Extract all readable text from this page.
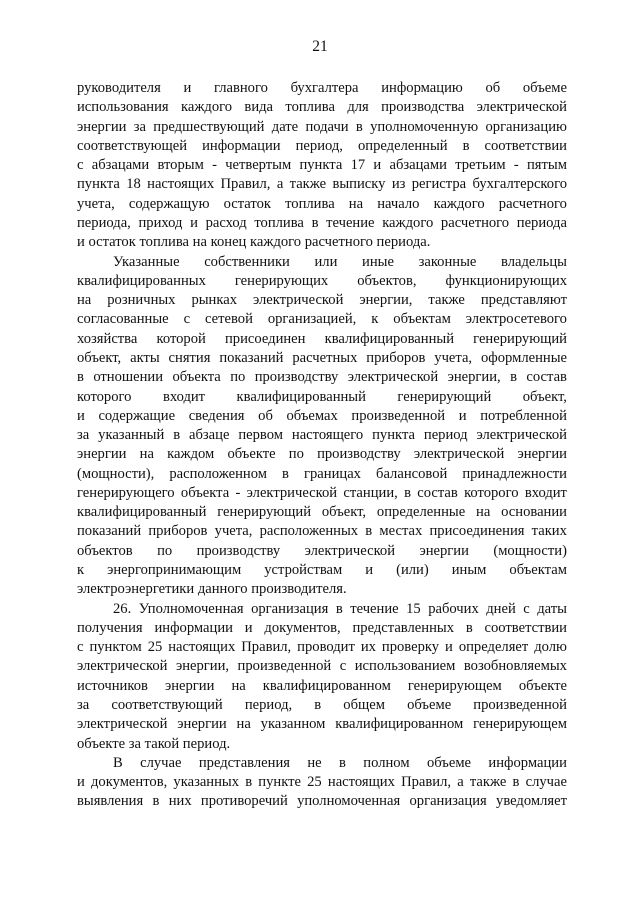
21
руководителя и главного бухгалтера информацию об объеме
использования каждого вида топлива для производства электрической
энергии за предшествующий дате подачи в уполномоченную организацию
соответствующей информации период, определенный в соответствии
с абзацами вторым - четвертым пункта 17 и абзацами третьим - пятым
пункта 18 настоящих Правил, а также выписку из регистра бухгалтерского
учета, содержащую остаток топлива на начало каждого расчетного
периода, приход и расход топлива в течение каждого расчетного периода
и остаток топлива на конец каждого расчетного периода.
Указанные собственники или иные законные владельцы
квалифицированных генерирующих объектов, функционирующих
на розничных рынках электрической энергии, также представляют
согласованные с сетевой организацией, к объектам электросетевого
хозяйства которой присоединен квалифицированный генерирующий
объект, акты снятия показаний расчетных приборов учета, оформленные
в отношении объекта по производству электрической энергии, в состав
которого входит квалифицированный генерирующий объект,
и содержащие сведения об объемах произведенной и потребленной
за указанный в абзаце первом настоящего пункта период электрической
энергии на каждом объекте по производству электрической энергии
(мощности), расположенном в границах балансовой принадлежности
генерирующего объекта - электрической станции, в состав которого входит
квалифицированный генерирующий объект, определенные на основании
показаний приборов учета, расположенных в местах присоединения таких
объектов по производству электрической энергии (мощности)
к энергопринимающим устройствам и (или) иным объектам
электроэнергетики данного производителя.
26. Уполномоченная организация в течение 15 рабочих дней с даты
получения информации и документов, представленных в соответствии
с пунктом 25 настоящих Правил, проводит их проверку и определяет долю
электрической энергии, произведенной с использованием возобновляемых
источников энергии на квалифицированном генерирующем объекте
за соответствующий период, в общем объеме произведенной
электрической энергии на указанном квалифицированном генерирующем
объекте за такой период.
В случае представления не в полном объеме информации
и документов, указанных в пункте 25 настоящих Правил, а также в случае
выявления в них противоречий уполномоченная организация уведомляет
